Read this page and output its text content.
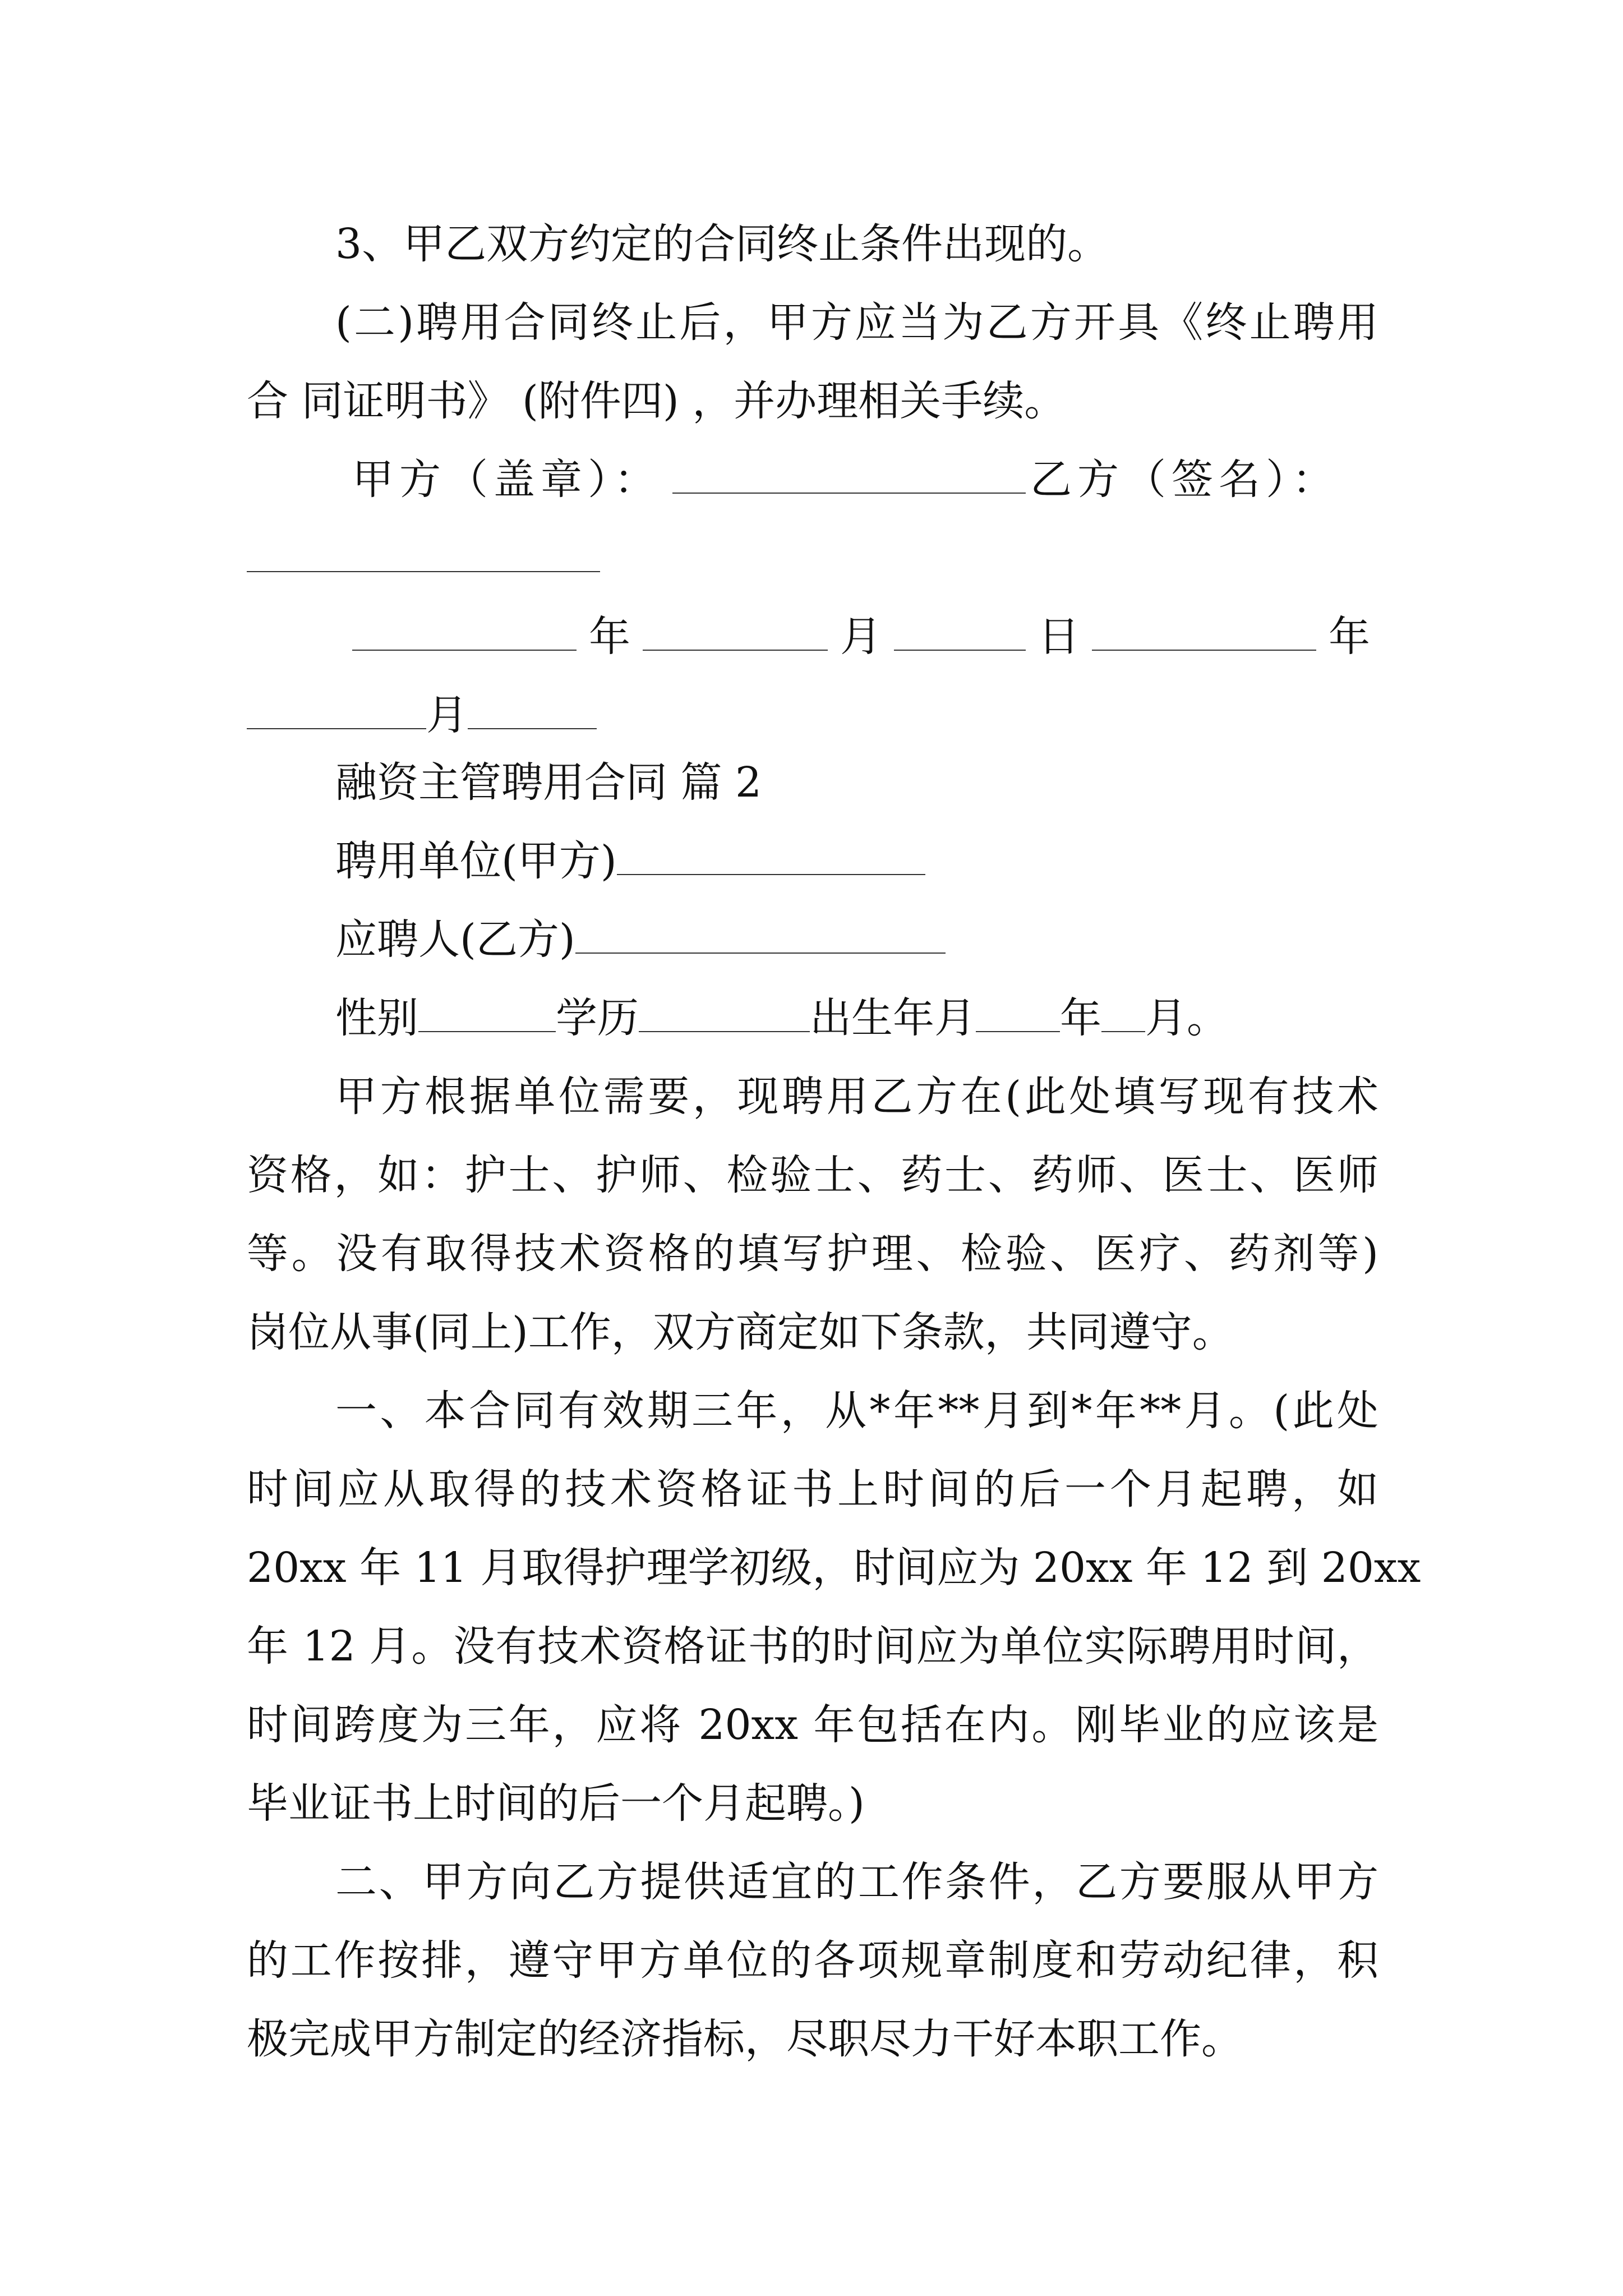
3、甲乙双方约定的合同终止条件出现的。

(二)聘用合同终止后，甲方应当为乙方开具《终止聘用

合 同证明书》 (附件四) ，并办理相关手续。

甲方（盖章）：	乙方（签名）：
年	月	日	年
月

融资主管聘用合同 篇 2

聘用单位(甲方)
应聘人(乙方)
性别	学历	出生年月 年 月。

甲方根据单位需要，现聘用乙方在(此处填写现有技术

资格，如：护士、护师、检验士、药士、药师、医士、医师

等。没有取得技术资格的填写护理、检验、医疗、药剂等)

岗位从事(同上)工作，双方商定如下条款，共同遵守。

一、本合同有效期三年，从*年**月到*年**月。(此处

时间应从取得的技术资格证书上时间的后一个月起聘，如

20xx 年 11 月取得护理学初级，时间应为 20xx 年 12 到 20xx

年 12 月。没有技术资格证书的时间应为单位实际聘用时间，

时间跨度为三年，应将 20xx 年包括在内。刚毕业的应该是

毕业证书上时间的后一个月起聘。)

二、甲方向乙方提供适宜的工作条件，乙方要服从甲方

的工作按排，遵守甲方单位的各项规章制度和劳动纪律，积

极完成甲方制定的经济指标，尽职尽力干好本职工作。
